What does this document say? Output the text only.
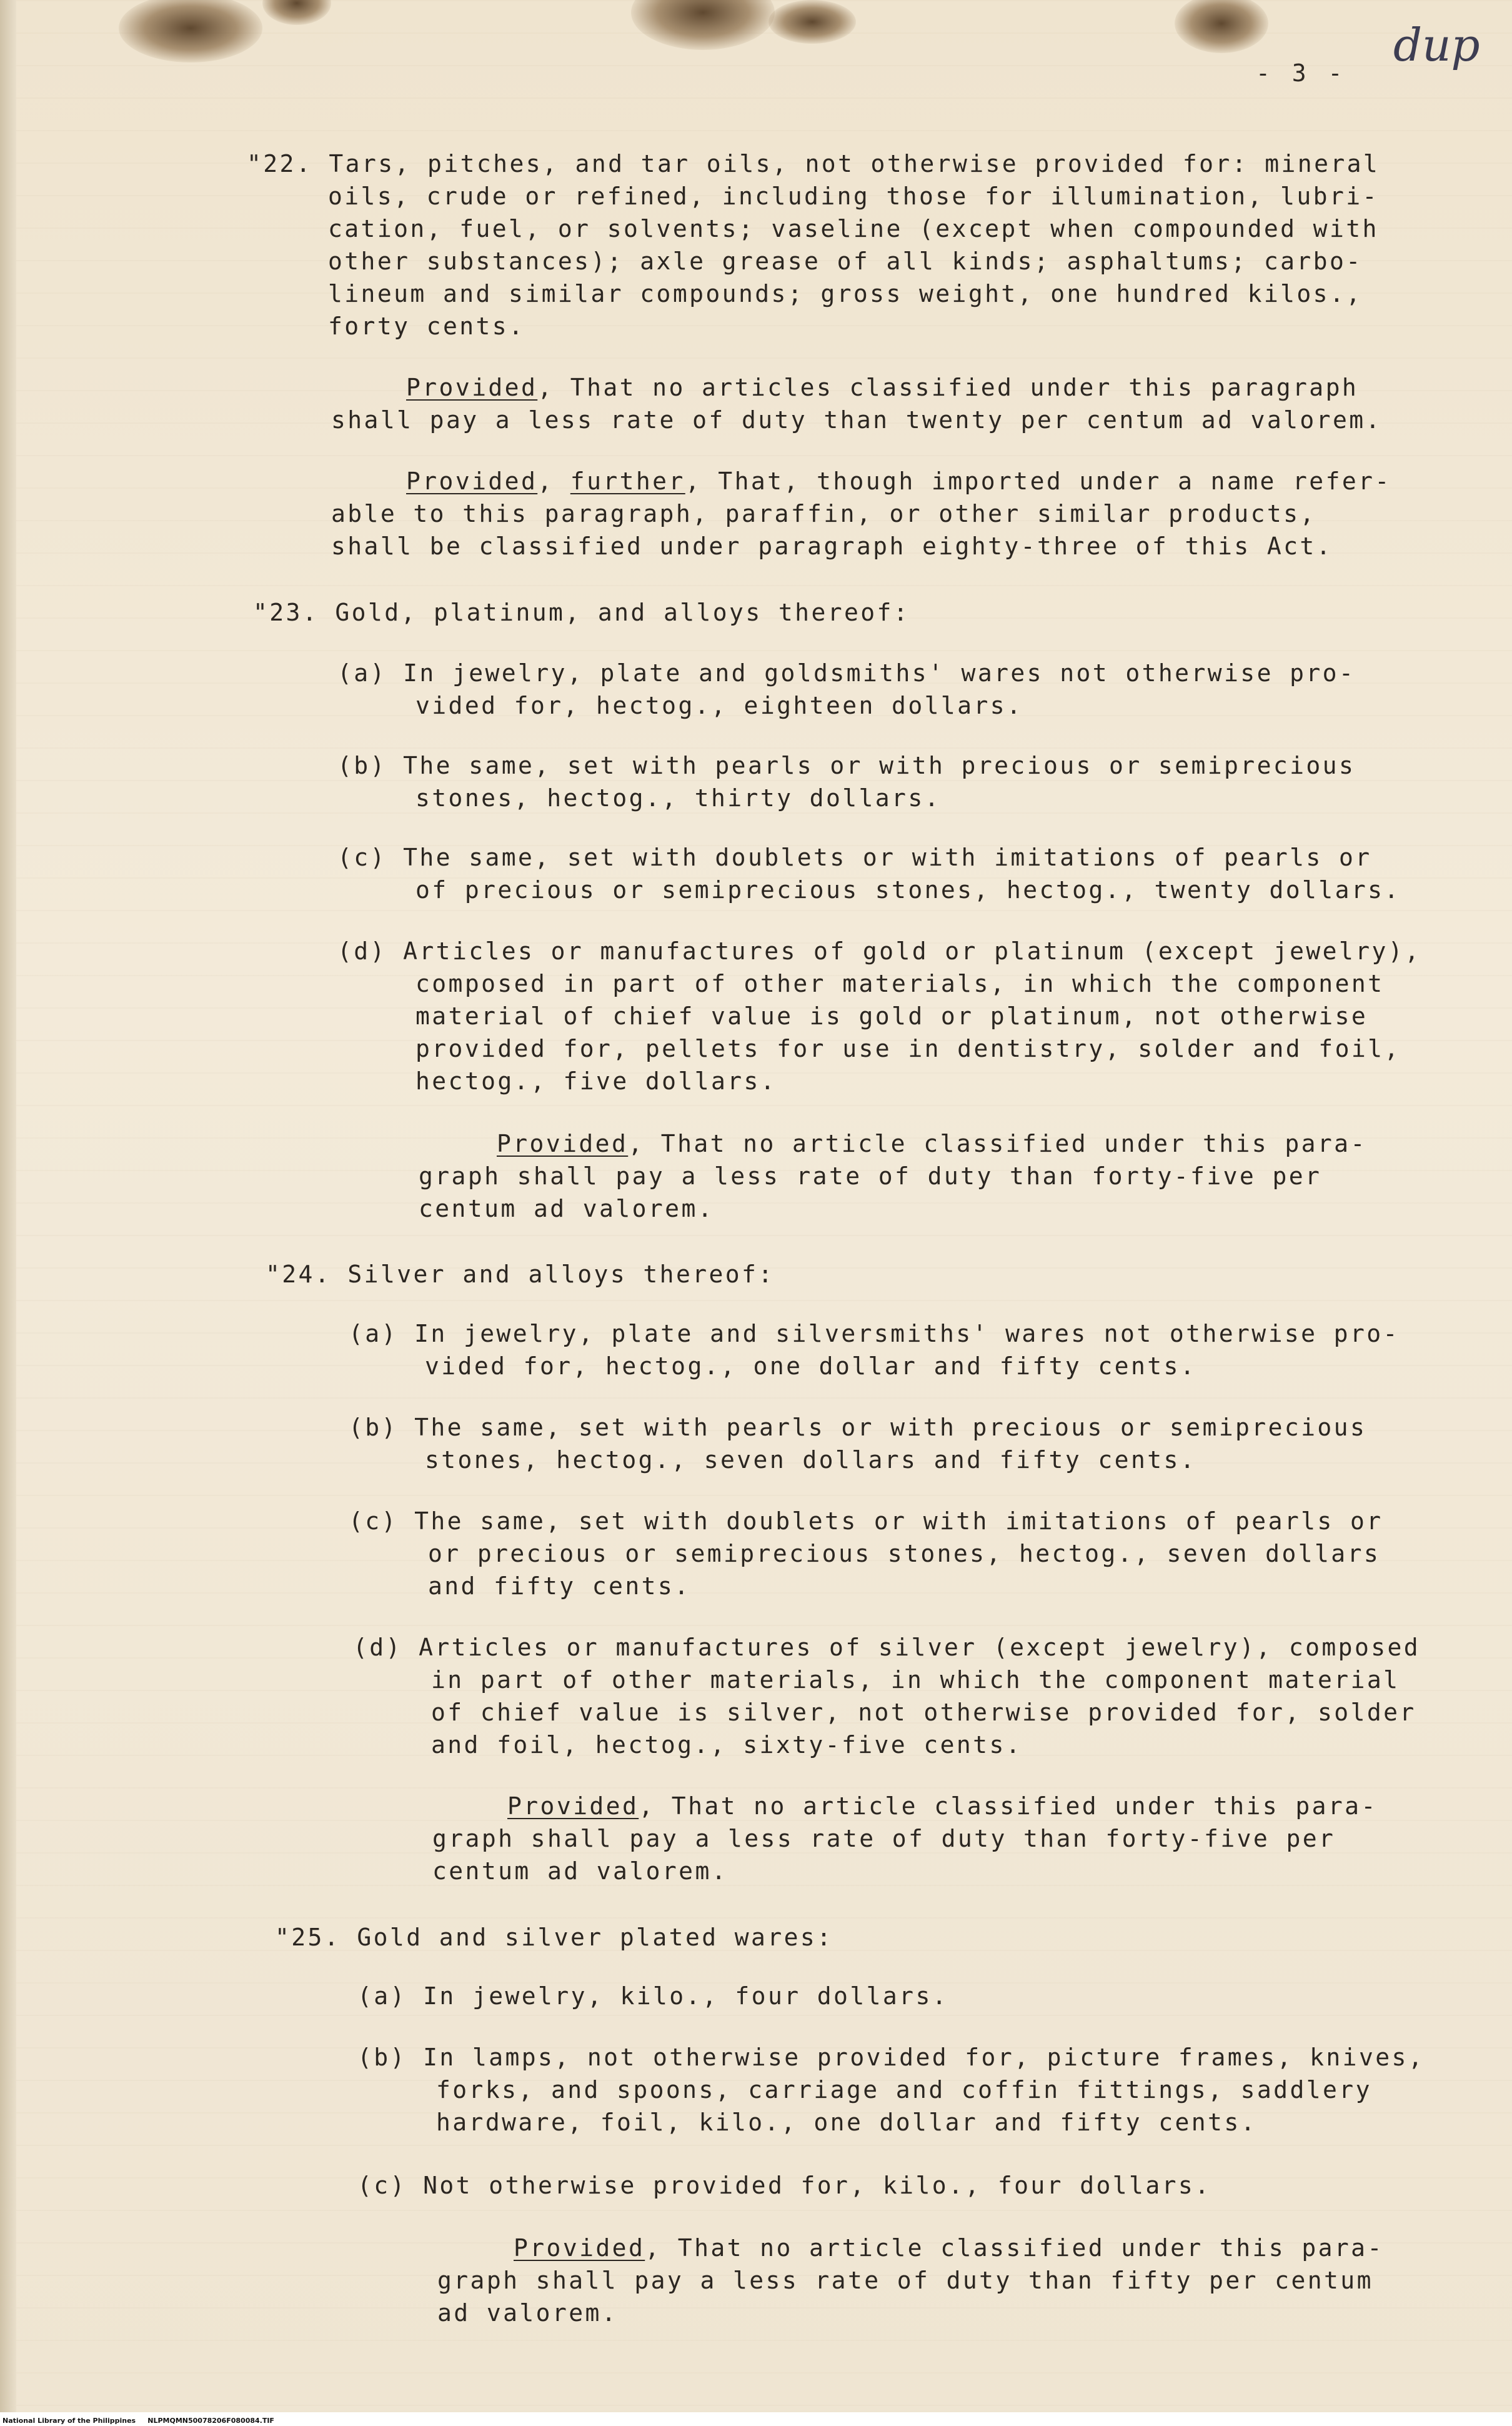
- 3 -
dup
"22. Tars, pitches, and tar oils, not otherwise provided for: mineral
oils, crude or refined, including those for illumination, lubri-
cation, fuel, or solvents; vaseline (except when compounded with
other substances); axle grease of all kinds; asphaltums; carbo-
lineum and similar compounds; gross weight, one hundred kilos.,
forty cents.
Provided, That no articles classified under this paragraph
shall pay a less rate of duty than twenty per centum ad valorem.
Provided, further, That, though imported under a name refer-
able to this paragraph, paraffin, or other similar products,
shall be classified under paragraph eighty-three of this Act.
"23. Gold, platinum, and alloys thereof:
(a) In jewelry, plate and goldsmiths' wares not otherwise pro-
vided for, hectog., eighteen dollars.
(b) The same, set with pearls or with precious or semiprecious
stones, hectog., thirty dollars.
(c) The same, set with doublets or with imitations of pearls or
of precious or semiprecious stones, hectog., twenty dollars.
(d) Articles or manufactures of gold or platinum (except jewelry),
composed in part of other materials, in which the component
material of chief value is gold or platinum, not otherwise
provided for, pellets for use in dentistry, solder and foil,
hectog., five dollars.
Provided, That no article classified under this para-
graph shall pay a less rate of duty than forty-five per
centum ad valorem.
"24. Silver and alloys thereof:
(a) In jewelry, plate and silversmiths' wares not otherwise pro-
vided for, hectog., one dollar and fifty cents.
(b) The same, set with pearls or with precious or semiprecious
stones, hectog., seven dollars and fifty cents.
(c) The same, set with doublets or with imitations of pearls or
or precious or semiprecious stones, hectog., seven dollars
and fifty cents.
(d) Articles or manufactures of silver (except jewelry), composed
in part of other materials, in which the component material
of chief value is silver, not otherwise provided for, solder
and foil, hectog., sixty-five cents.
Provided, That no article classified under this para-
graph shall pay a less rate of duty than forty-five per
centum ad valorem.
"25. Gold and silver plated wares:
(a) In jewelry, kilo., four dollars.
(b) In lamps, not otherwise provided for, picture frames, knives,
forks, and spoons, carriage and coffin fittings, saddlery
hardware, foil, kilo., one dollar and fifty cents.
(c) Not otherwise provided for, kilo., four dollars.
Provided, That no article classified under this para-
graph shall pay a less rate of duty than fifty per centum
ad valorem.
National Library of the Philippines     NLPMQMN50078206F080084.TIF
